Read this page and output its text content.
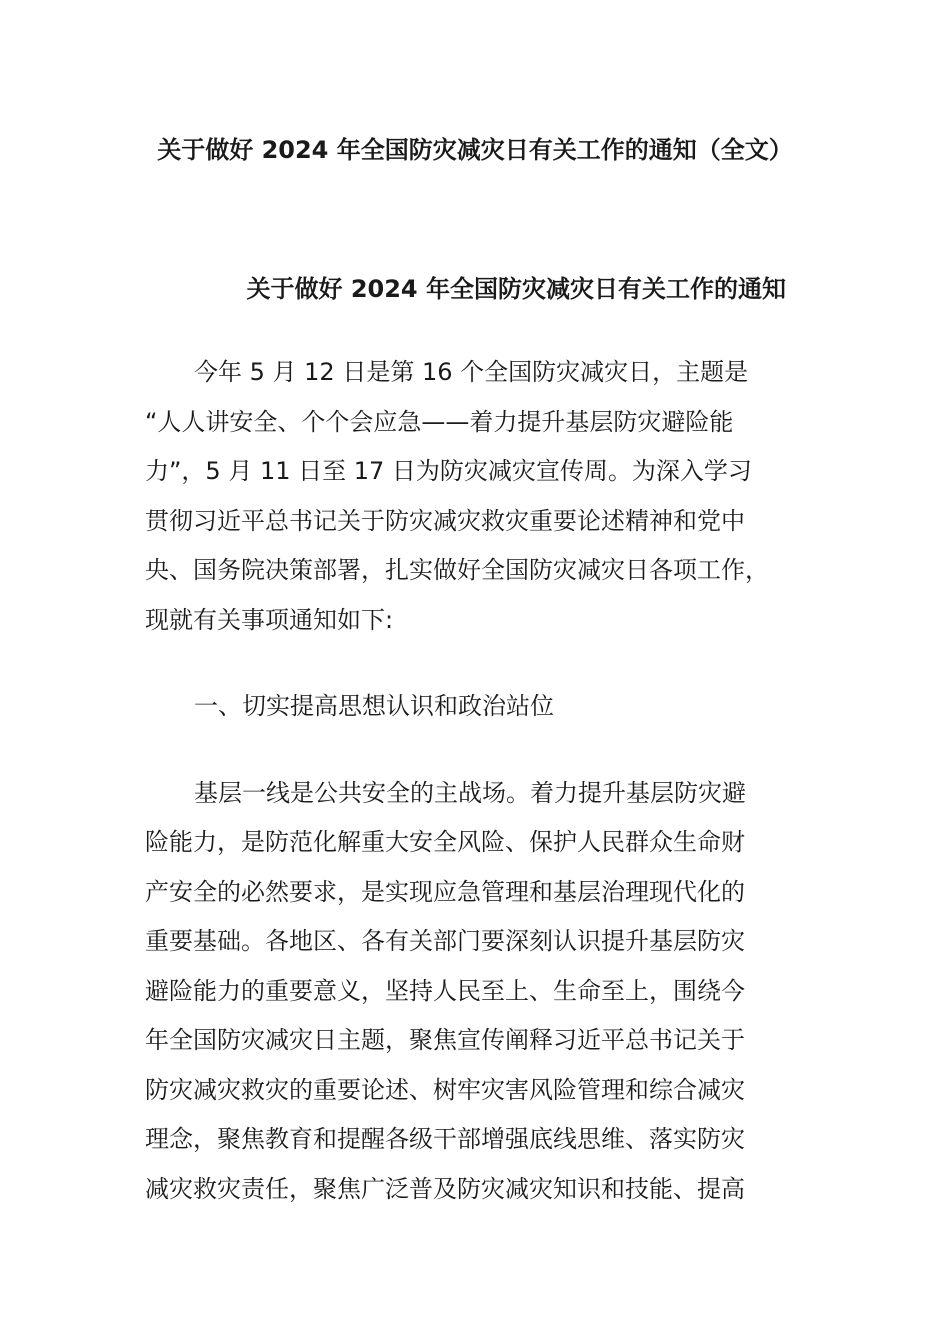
关于做好 2024 年全国防灾减灾日有关工作的通知（全文）
关于做好 2024 年全国防灾减灾日有关工作的通知
今年 5 月 12 日是第 16 个全国防灾减灾日，主题是
“人人讲安全、个个会应急——着力提升基层防灾避险能
力”，5 月 11 日至 17 日为防灾减灾宣传周。为深入学习
贯彻习近平总书记关于防灾减灾救灾重要论述精神和党中
央、国务院决策部署，扎实做好全国防灾减灾日各项工作，
现就有关事项通知如下:
一、切实提高思想认识和政治站位
基层一线是公共安全的主战场。着力提升基层防灾避
险能力，是防范化解重大安全风险、保护人民群众生命财
产安全的必然要求，是实现应急管理和基层治理现代化的
重要基础。各地区、各有关部门要深刻认识提升基层防灾
避险能力的重要意义，坚持人民至上、生命至上，围绕今
年全国防灾减灾日主题，聚焦宣传阐释习近平总书记关于
防灾减灾救灾的重要论述、树牢灾害风险管理和综合减灾
理念，聚焦教育和提醒各级干部增强底线思维、落实防灾
减灾救灾责任，聚焦广泛普及防灾减灾知识和技能、提高
